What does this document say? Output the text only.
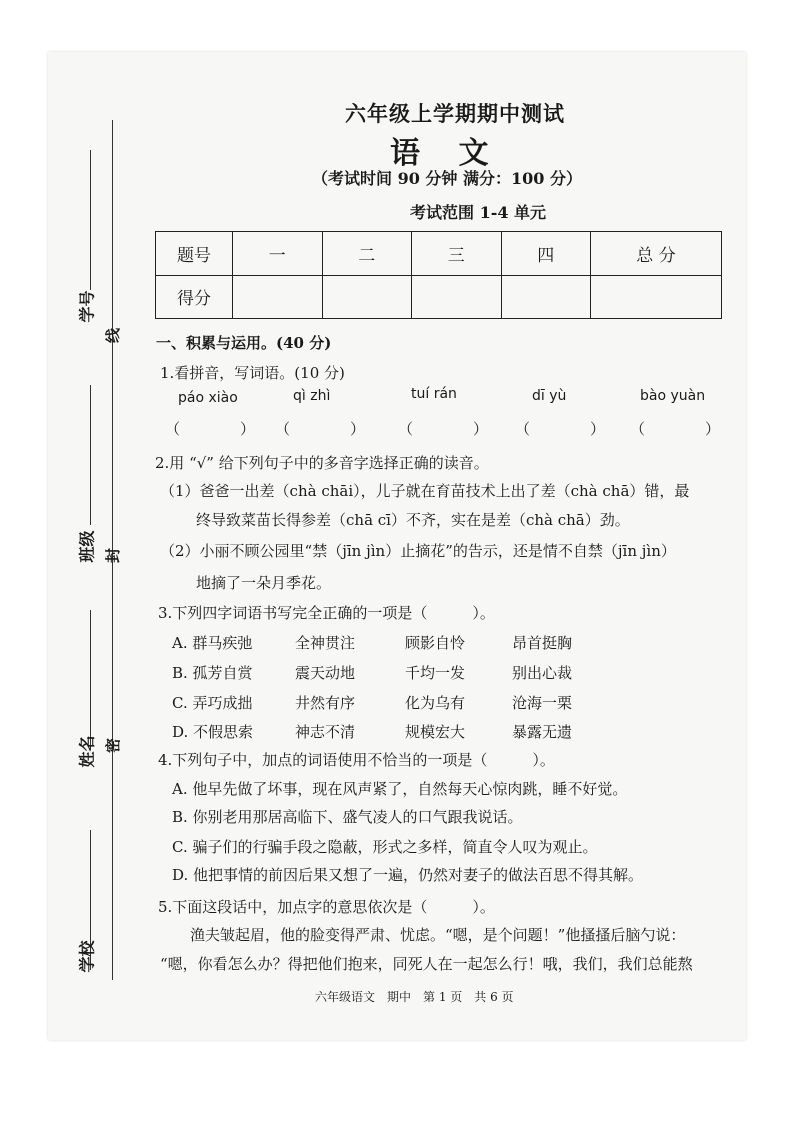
学号
班级
姓名
学校
线
封
密
六年级上学期期中测试
语 文
（考试时间 90 分钟 满分：100 分）
考试范围 1-4 单元
题号	一	二	三	四	总 分
得分					
一、积累与运用。(40 分)
1.看拼音，写词语。(10 分)
páo xiào	qì zhì	tuí rán	dī yù	bào yuàn
（　　　　） （　　　　） （　　　　） （　　　　） （　　　　）
2.用 “√” 给下列句子中的多音字选择正确的读音。
（1）爸爸一出差（chà chāi），儿子就在育苗技术上出了差（chà chā）错，最
终导致菜苗长得参差（chā cī）不齐，实在是差（chà chā）劲。
（2）小丽不顾公园里“禁（jīn jìn）止摘花”的告示，还是情不自禁（jīn jìn）
地摘了一朵月季花。
3.下列四字词语书写完全正确的一项是（　　　）。
A. 群马疾弛	全神贯注	顾影自怜	昂首挺胸
B. 孤芳自赏	震天动地	千均一发	别出心裁
C. 弄巧成拙	井然有序	化为乌有	沧海一栗
D. 不假思索	神志不清	规模宏大	暴露无遗
4.下列句子中，加点的词语使用不恰当的一项是（　　　）。
A. 他早先做了坏事，现在风声紧了，自然每天心惊肉跳，睡不好觉。
B. 你别老用那居高临下、盛气凌人的口气跟我说话。
C. 骗子们的行骗手段之隐蔽，形式之多样，简直令人叹为观止。
D. 他把事情的前因后果又想了一遍，仍然对妻子的做法百思不得其解。
5.下面这段话中，加点字的意思依次是（　　　）。
渔夫皱起眉，他的脸变得严肃、忧虑。“嗯，是个问题！”他搔搔后脑勺说：
“嗯，你看怎么办？得把他们抱来，同死人在一起怎么行！哦，我们，我们总能熬
六年级语文　期中　第 1 页　共 6 页
